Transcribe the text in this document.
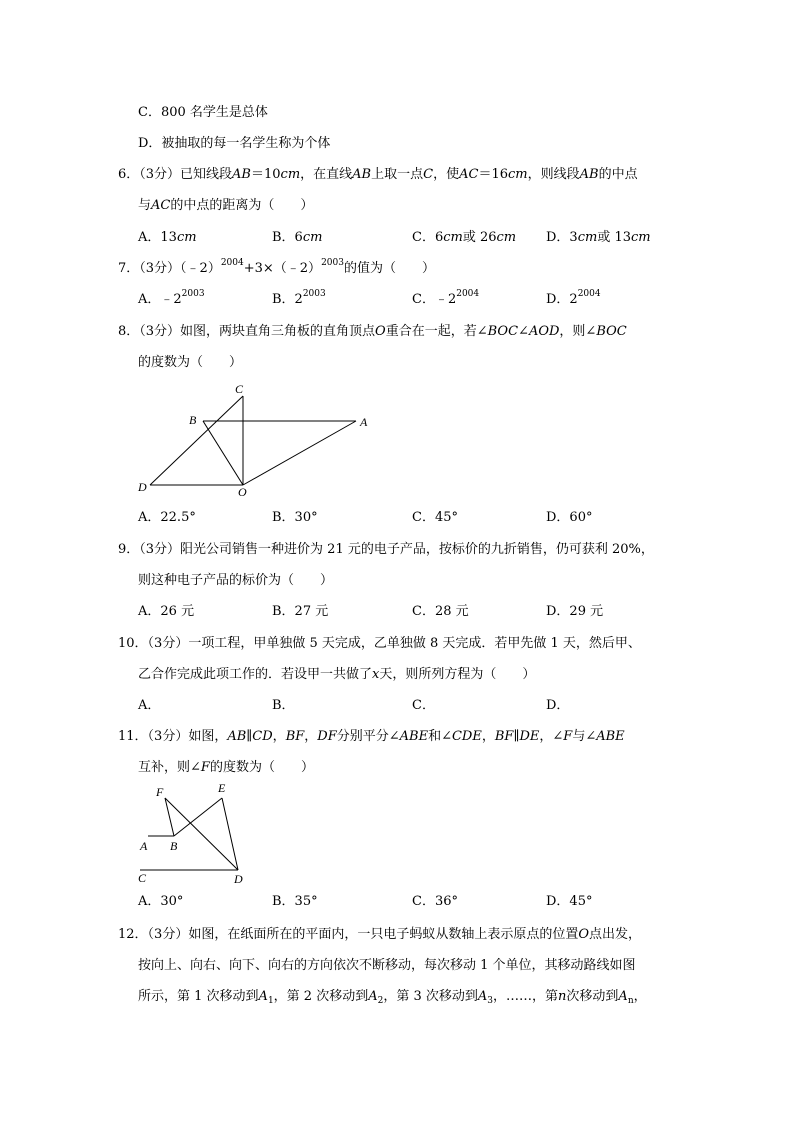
C．800 名学生是总体
D．被抽取的每一名学生称为个体
6．（3分）已知线段AB＝10cm，在直线AB上取一点C，使AC＝16cm，则线段AB的中点
与AC的中点的距离为（　　）
A．13cm	B．6cm	C．6cm或 26cm D．3cm或 13cm
7．（3分）（﹣2）$^{2004}$+3×（﹣2）$^{2003}$的值为（　　）
A．$﹣2^{2003}$	B．$2^{2003}$	C．$﹣2^{2004}$	D．$2^{2004}$
8．（3分）如图，两块直角三角板的直角顶点O重合在一起，若∠BOC∠AOD，则∠BOC
的度数为（　　）
C
B	A
D	O
A．22.5°	B．30°	C．45°	D．60°
9．（3分）阳光公司销售一种进价为 21 元的电子产品，按标价的九折销售，仍可获利 20%，
则这种电子产品的标价为（　　）
A．26 元	B．27 元	C．28 元	D．29 元
10．（3分）一项工程，甲单独做 5 天完成，乙单独做 8 天完成．若甲先做 1 天，然后甲、
乙合作完成此项工作的．若设甲一共做了x天，则所列方程为（　　）
A．	B．	C．	D．
11．（3分）如图，AB∥CD，BF，DF分别平分∠ABE和∠CDE，BF∥DE，∠F与∠ABE
互补，则∠F的度数为（　　）
F	E
A B
C	D
A．30°	B．35°	C．36°	D．45°
12．（3分）如图，在纸面所在的平面内，一只电子蚂蚁从数轴上表示原点的位置O点出发，
按向上、向右、向下、向右的方向依次不断移动，每次移动 1 个单位，其移动路线如图
所示，第 1 次移动到$A_1$，第 2 次移动到$A_2$，第 3 次移动到$A_3$，……，第n次移动到$A_n$，
